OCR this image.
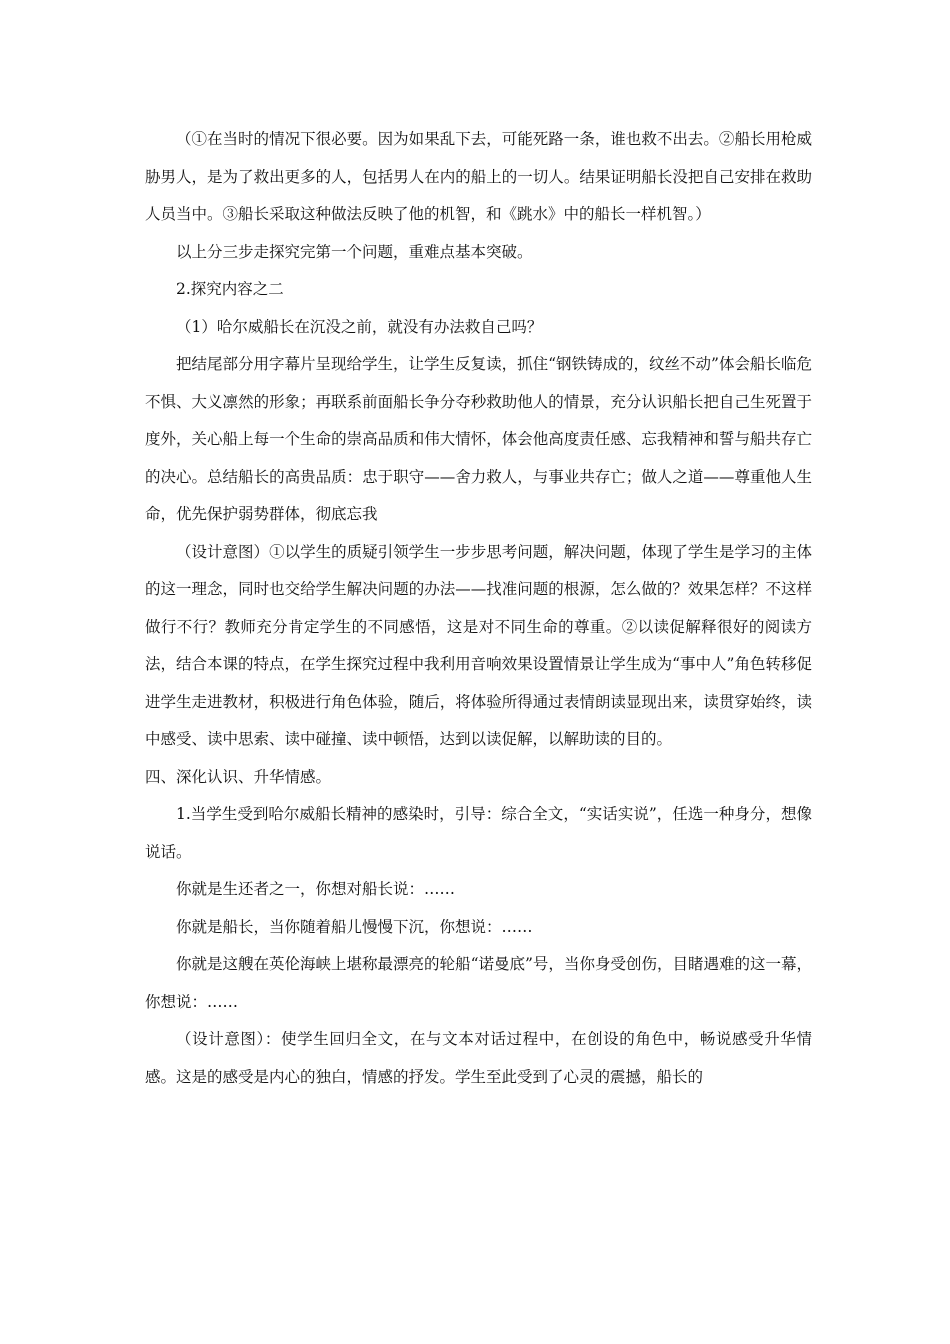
（①在当时的情况下很必要。因为如果乱下去，可能死路一条，谁也救不出去。②船长用枪威胁男人，是为了救出更多的人，包括男人在内的船上的一切人。结果证明船长没把自己安排在救助人员当中。③船长采取这种做法反映了他的机智，和《跳水》中的船长一样机智。）

以上分三步走探究完第一个问题，重难点基本突破。

2.探究内容之二

（1）哈尔威船长在沉没之前，就没有办法救自己吗？

把结尾部分用字幕片呈现给学生，让学生反复读，抓住“钢铁铸成的，纹丝不动”体会船长临危不惧、大义凛然的形象；再联系前面船长争分夺秒救助他人的情景，充分认识船长把自己生死置于度外，关心船上每一个生命的崇高品质和伟大情怀，体会他高度责任感、忘我精神和誓与船共存亡的决心。总结船长的高贵品质：忠于职守——舍力救人，与事业共存亡；做人之道——尊重他人生命，优先保护弱势群体，彻底忘我

（设计意图）①以学生的质疑引领学生一步步思考问题，解决问题，体现了学生是学习的主体的这一理念，同时也交给学生解决问题的办法——找准问题的根源，怎么做的？效果怎样？不这样做行不行？教师充分肯定学生的不同感悟，这是对不同生命的尊重。②以读促解释很好的阅读方法，结合本课的特点，在学生探究过程中我利用音响效果设置情景让学生成为“事中人”角色转移促进学生走进教材，积极进行角色体验，随后，将体验所得通过表情朗读显现出来，读贯穿始终，读中感受、读中思索、读中碰撞、读中顿悟，达到以读促解，以解助读的目的。

四、深化认识、升华情感。

1.当学生受到哈尔威船长精神的感染时，引导：综合全文，“实话实说”，任选一种身分，想像说话。

你就是生还者之一，你想对船长说：……

你就是船长，当你随着船儿慢慢下沉，你想说：……

你就是这艘在英伦海峡上堪称最漂亮的轮船“诺曼底”号，当你身受创伤，目睹遇难的这一幕，你想说：……

（设计意图）：使学生回归全文，在与文本对话过程中，在创设的角色中，畅说感受升华情感。这是的感受是内心的独白，情感的抒发。学生至此受到了心灵的震撼，船长的
